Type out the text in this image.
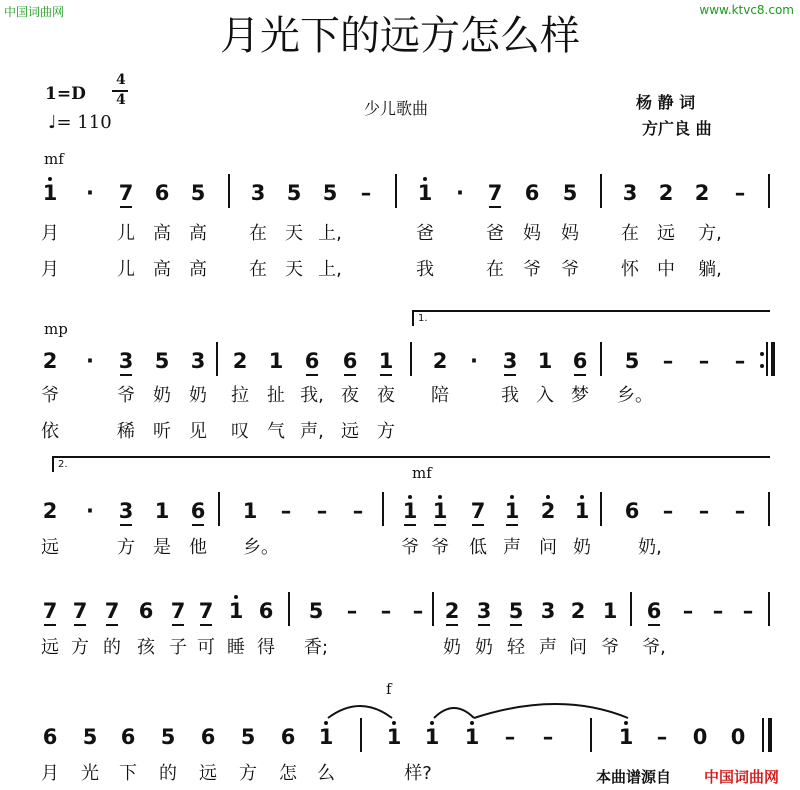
中国词曲网	www.ktvc8.com
月光下的远方怎么样
1=D
4
4
♩= 110
少儿歌曲	杨 静 词
方广良 曲
mf
1 · 7 6 5 3 5 5 – 1 · 7 6 5 3 2 2 –
月	儿	高	高	在	天 上,	爸	爸	妈	妈	在	远	方,
月	儿	高	高	在	天 上,	我	在	爷	爷	怀	中	躺,
1.
mp
2 · 3 5 3 2 1 6 6 1 2 · 3 1 6 5 – – –
爷	爷	奶	奶	拉	扯 我, 夜	夜	陪	我 入 梦	乡。
依	稀	听	见	叹	气 声, 远	方
2.	mf
2 · 3 1 6 1 – – – 1 1 7 1 2 1 6 – – –
远	方	是	他	乡。	爷 爷	低 声	问 奶	奶,
7 7 7 6 7 7 1 6 5 – – – 2 3 5 3 2 1 6 – – –
远 方 的 孩 子 可 睡 得	香;	奶 奶 轻 声 问 爷	爷,
f
6 5 6 5 6 5 6 1	1 1 1 – –	1 – 0 0
月	光	下	的	远	方	怎	么	样?	本曲谱源自 中国词曲网
